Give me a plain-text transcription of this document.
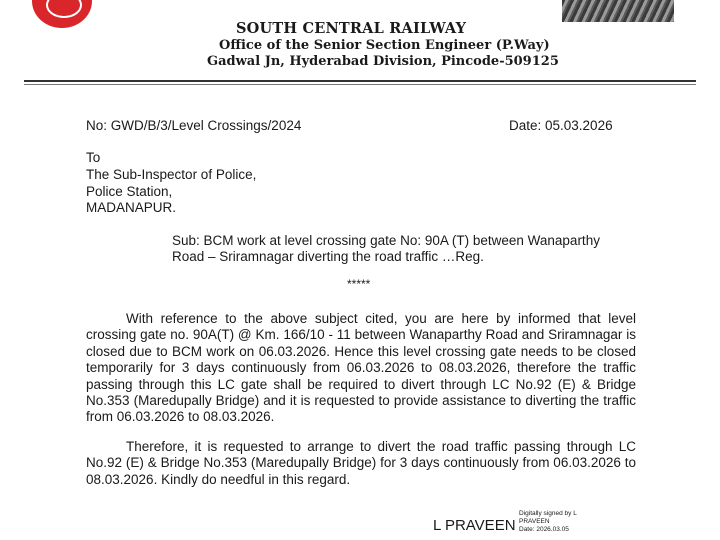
SOUTH CENTRAL RAILWAY
Office of the Senior Section Engineer (P.Way)
Gadwal Jn, Hyderabad Division, Pincode-509125
No: GWD/B/3/Level Crossings/2024	Date: 05.03.2026
To
The Sub-Inspector of Police,
Police Station,
MADANAPUR.
Sub: BCM work at level crossing gate No: 90A (T) between Wanaparthy
Road – Sriramnagar diverting the road traffic …Reg.
*****
With reference to the above subject cited, you are here by informed that level crossing gate no. 90A(T) @ Km. 166/10 - 11 between Wanaparthy Road and Sriramnagar is closed due to BCM work on 06.03.2026. Hence this level crossing gate needs to be closed temporarily for 3 days continuously from 06.03.2026 to 08.03.2026, therefore the traffic passing through this LC gate shall be required to divert through LC No.92 (E) & Bridge No.353 (Maredupally Bridge) and it is requested to provide assistance to diverting the traffic from 06.03.2026 to 08.03.2026.
Therefore, it is requested to arrange to divert the road traffic passing through LC No.92 (E) & Bridge No.353 (Maredupally Bridge) for 3 days continuously from 06.03.2026 to 08.03.2026. Kindly do needful in this regard.
L PRAVEEN
Digitally signed by L
PRAVEEN
Date: 2026.03.05
